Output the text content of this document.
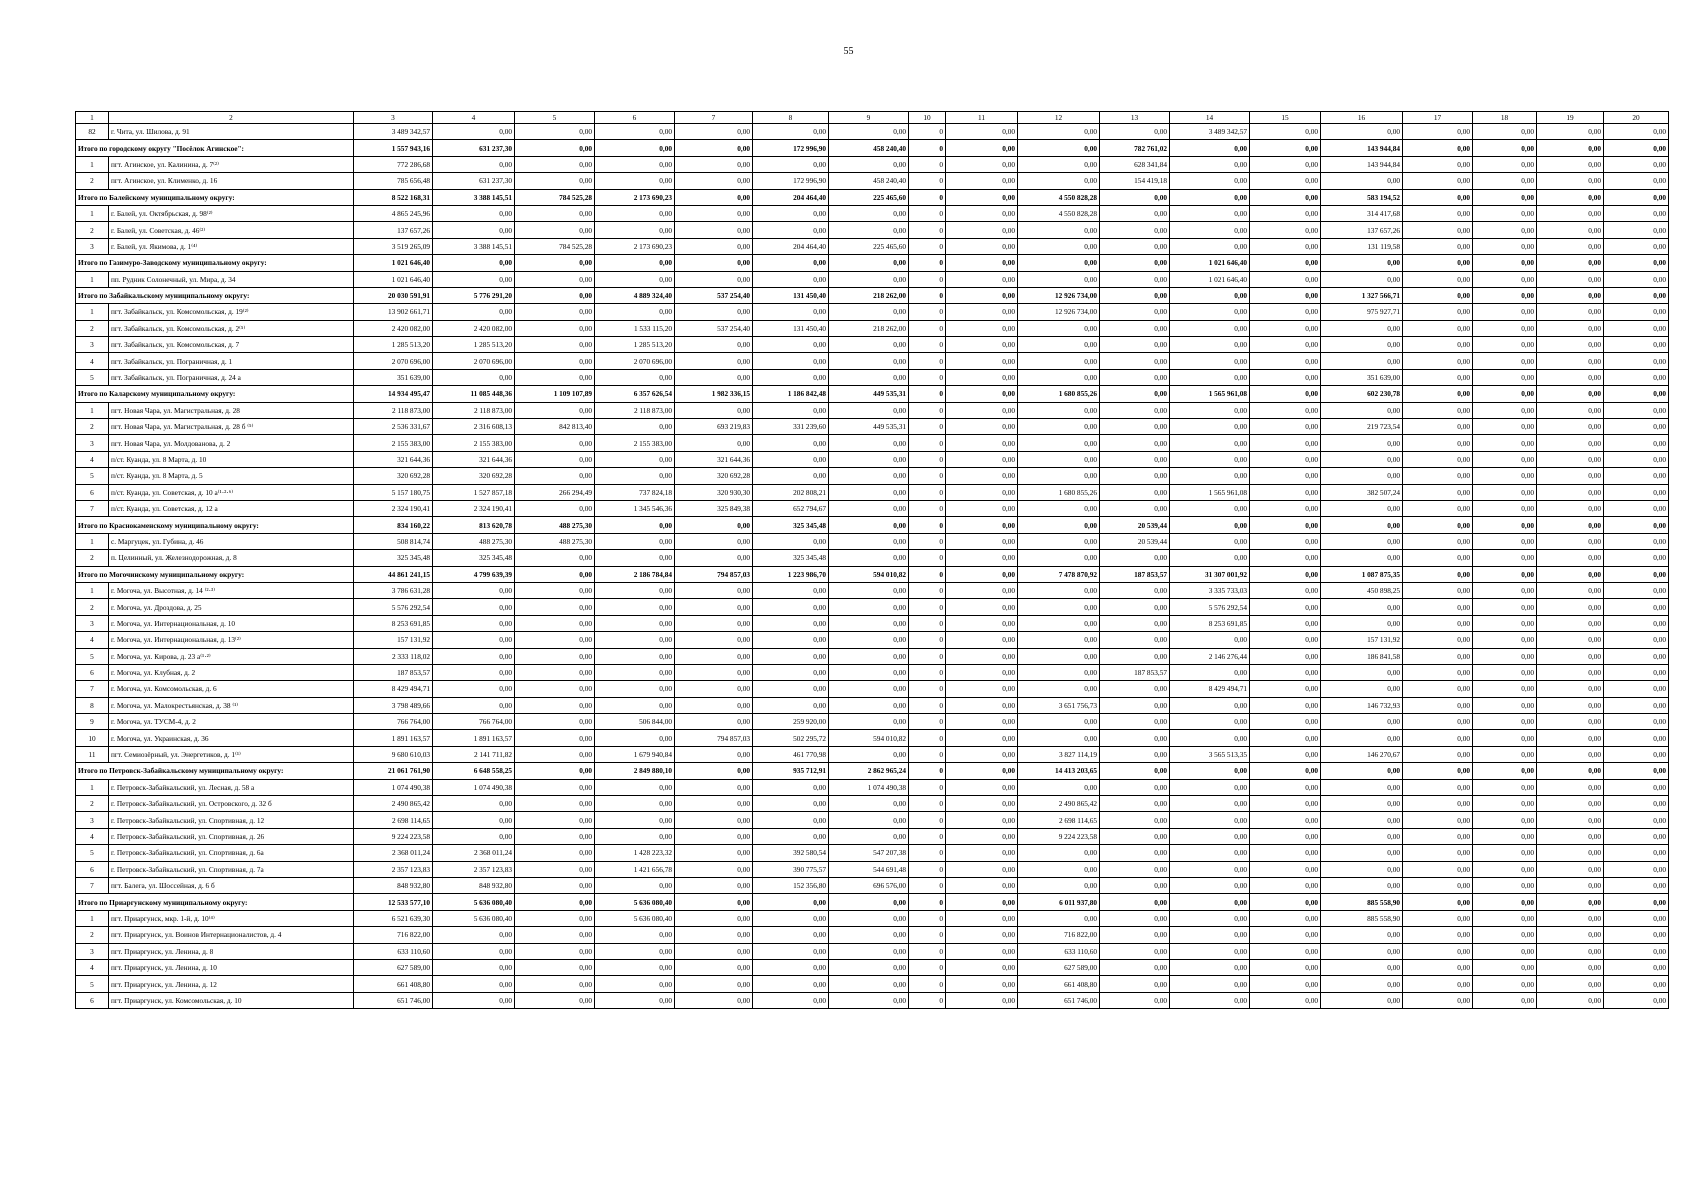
55
1	2	3	4	5	6	7	8	9	10	11	12	13	14	15	16	17	18	19	20
82	г. Чита, ул. Шилова, д. 91	3 489 342,57	0,00	0,00	0,00	0,00	0,00	0,00	0	0,00	0,00	0,00	3 489 342,57	0,00	0,00	0,00	0,00	0,00	0,00
Итого по городскому округу "Посёлок Агинское":		1 557 943,16	631 237,30	0,00	0,00	0,00	172 996,90	458 240,40	0	0,00	0,00	782 761,02	0,00	0,00	143 944,84	0,00	0,00	0,00	0,00
1	пгт. Агинское, ул. Калинина, д. 7⁽²⁾	772 286,68	0,00	0,00	0,00	0,00	0,00	0,00	0	0,00	0,00	628 341,84	0,00	0,00	143 944,84	0,00	0,00	0,00	0,00
2	пгт. Агинское, ул. Клименко, д. 16	785 656,48	631 237,30	0,00	0,00	0,00	172 996,90	458 240,40	0	0,00	0,00	154 419,18	0,00	0,00	0,00	0,00	0,00	0,00	0,00
Итого по Балейскому муниципальному округу:		8 522 168,31	3 388 145,51	784 525,28	2 173 690,23	0,00	204 464,40	225 465,60	0	0,00	4 550 828,28	0,00	0,00	0,00	583 194,52	0,00	0,00	0,00	0,00
1	г. Балей, ул. Октябрьская, д. 98⁽²⁾	4 865 245,96	0,00	0,00	0,00	0,00	0,00	0,00	0	0,00	4 550 828,28	0,00	0,00	0,00	314 417,68	0,00	0,00	0,00	0,00
2	г. Балей, ул. Советская, д. 46⁽²⁾	137 657,26	0,00	0,00	0,00	0,00	0,00	0,00	0	0,00	0,00	0,00	0,00	0,00	137 657,26	0,00	0,00	0,00	0,00
3	г. Балей, ул. Якимова, д. 1⁽⁴⁾	3 519 265,09	3 388 145,51	784 525,28	2 173 690,23	0,00	204 464,40	225 465,60	0	0,00	0,00	0,00	0,00	0,00	131 119,58	0,00	0,00	0,00	0,00
Итого по Газимуро-Заводскому муниципальному округу:		1 021 646,40	0,00	0,00	0,00	0,00	0,00	0,00	0	0,00	0,00	0,00	1 021 646,40	0,00	0,00	0,00	0,00	0,00	0,00
1	пп. Рудник Солонечный, ул. Мира, д. 34	1 021 646,40	0,00	0,00	0,00	0,00	0,00	0,00	0	0,00	0,00	0,00	1 021 646,40	0,00	0,00	0,00	0,00	0,00	0,00
Итого по Забайкальскому муниципальному округу:		20 030 591,91	5 776 291,20	0,00	4 889 324,40	537 254,40	131 450,40	218 262,00	0	0,00	12 926 734,00	0,00	0,00	0,00	1 327 566,71	0,00	0,00	0,00	0,00
1	пгт. Забайкальск, ул. Комсомольская, д. 19⁽²⁾	13 902 661,71	0,00	0,00	0,00	0,00	0,00	0,00	0	0,00	12 926 734,00	0,00	0,00	0,00	975 927,71	0,00	0,00	0,00	0,00
2	пгт. Забайкальск, ул. Комсомольская, д. 2⁽⁵⁾	2 420 082,00	2 420 082,00	0,00	1 533 115,20	537 254,40	131 450,40	218 262,00	0	0,00	0,00	0,00	0,00	0,00	0,00	0,00	0,00	0,00	0,00
3	пгт. Забайкальск, ул. Комсомольская, д. 7	1 285 513,20	1 285 513,20	0,00	1 285 513,20	0,00	0,00	0,00	0	0,00	0,00	0,00	0,00	0,00	0,00	0,00	0,00	0,00	0,00
4	пгт. Забайкальск, ул. Пограничная, д. 1	2 070 696,00	2 070 696,00	0,00	2 070 696,00	0,00	0,00	0,00	0	0,00	0,00	0,00	0,00	0,00	0,00	0,00	0,00	0,00	0,00
5	пгт. Забайкальск, ул. Пограничная, д. 24 а	351 639,00	0,00	0,00	0,00	0,00	0,00	0,00	0	0,00	0,00	0,00	0,00	0,00	351 639,00	0,00	0,00	0,00	0,00
Итого по Каларскому муниципальному округу:		14 934 495,47	11 085 448,36	1 109 107,89	6 357 626,54	1 982 336,15	1 186 842,48	449 535,31	0	0,00	1 680 855,26	0,00	1 565 961,08	0,00	602 230,78	0,00	0,00	0,00	0,00
1	пгт. Новая Чара, ул. Магистральная, д. 28	2 118 873,00	2 118 873,00	0,00	2 118 873,00	0,00	0,00	0,00	0	0,00	0,00	0,00	0,00	0,00	0,00	0,00	0,00	0,00	0,00
2	пгт. Новая Чара, ул. Магистральная, д. 28 б ⁽⁵⁾	2 536 331,67	2 316 608,13	842 813,40	0,00	693 219,83	331 239,60	449 535,31	0	0,00	0,00	0,00	0,00	0,00	219 723,54	0,00	0,00	0,00	0,00
3	пгт. Новая Чара, ул. Молдованова, д. 2	2 155 383,00	2 155 383,00	0,00	2 155 383,00	0,00	0,00	0,00	0	0,00	0,00	0,00	0,00	0,00	0,00	0,00	0,00	0,00	0,00
4	п/ст. Куанда, ул. 8 Марта, д. 10	321 644,36	321 644,36	0,00	0,00	321 644,36	0,00	0,00	0	0,00	0,00	0,00	0,00	0,00	0,00	0,00	0,00	0,00	0,00
5	п/ст. Куанда, ул. 8 Марта, д. 5	320 692,28	320 692,28	0,00	0,00	320 692,28	0,00	0,00	0	0,00	0,00	0,00	0,00	0,00	0,00	0,00	0,00	0,00	0,00
6	п/ст. Куанда, ул. Советская, д. 10 а⁽¹·²·⁶⁾	5 157 180,75	1 527 857,18	266 294,49	737 824,18	320 930,30	202 808,21	0,00	0	0,00	1 680 855,26	0,00	1 565 961,08	0,00	382 507,24	0,00	0,00	0,00	0,00
7	п/ст. Куанда, ул. Советская, д. 12 а	2 324 190,41	2 324 190,41	0,00	1 345 546,36	325 849,38	652 794,67	0,00	0	0,00	0,00	0,00	0,00	0,00	0,00	0,00	0,00	0,00	0,00
Итого по Краснокаменскому муниципальному округу:		834 160,22	813 620,78	488 275,30	0,00	0,00	325 345,48	0,00	0	0,00	0,00	20 539,44	0,00	0,00	0,00	0,00	0,00	0,00	0,00
1	с. Маргуцек, ул. Губина, д. 46	508 814,74	488 275,30	488 275,30	0,00	0,00	0,00	0,00	0	0,00	0,00	20 539,44	0,00	0,00	0,00	0,00	0,00	0,00	0,00
2	п. Целинный, ул. Железнодорожная, д. 8	325 345,48	325 345,48	0,00	0,00	0,00	325 345,48	0,00	0	0,00	0,00	0,00	0,00	0,00	0,00	0,00	0,00	0,00	0,00
Итого по Могочинскому муниципальному округу:		44 861 241,15	4 799 639,39	0,00	2 186 784,84	794 857,03	1 223 986,70	594 010,82	0	0,00	7 478 870,92	187 853,57	31 307 001,92	0,00	1 087 875,35	0,00	0,00	0,00	0,00
1	г. Могоча, ул. Высотная, д. 14 ⁽²·³⁾	3 786 631,28	0,00	0,00	0,00	0,00	0,00	0,00	0	0,00	0,00	0,00	3 335 733,03	0,00	450 898,25	0,00	0,00	0,00	0,00
2	г. Могоча, ул. Дроздова, д. 25	5 576 292,54	0,00	0,00	0,00	0,00	0,00	0,00	0	0,00	0,00	0,00	5 576 292,54	0,00	0,00	0,00	0,00	0,00	0,00
3	г. Могоча, ул. Интернациональная, д. 10	8 253 691,85	0,00	0,00	0,00	0,00	0,00	0,00	0	0,00	0,00	0,00	8 253 691,85	0,00	0,00	0,00	0,00	0,00	0,00
4	г. Могоча, ул. Интернациональная, д. 13⁽²⁾	157 131,92	0,00	0,00	0,00	0,00	0,00	0,00	0	0,00	0,00	0,00	0,00	0,00	157 131,92	0,00	0,00	0,00	0,00
5	г. Могоча, ул. Кирова, д. 23 а⁽¹·²⁾	2 333 118,02	0,00	0,00	0,00	0,00	0,00	0,00	0	0,00	0,00	0,00	2 146 276,44	0,00	186 841,58	0,00	0,00	0,00	0,00
6	г. Могоча, ул. Клубная, д. 2	187 853,57	0,00	0,00	0,00	0,00	0,00	0,00	0	0,00	0,00	187 853,57	0,00	0,00	0,00	0,00	0,00	0,00	0,00
7	г. Могоча, ул. Комсомольская, д. 6	8 429 494,71	0,00	0,00	0,00	0,00	0,00	0,00	0	0,00	0,00	0,00	8 429 494,71	0,00	0,00	0,00	0,00	0,00	0,00
8	г. Могоча, ул. Малокрестьянская, д. 38 ⁽¹⁾	3 798 489,66	0,00	0,00	0,00	0,00	0,00	0,00	0	0,00	3 651 756,73	0,00	0,00	0,00	146 732,93	0,00	0,00	0,00	0,00
9	г. Могоча, ул. ТУСМ-4, д. 2	766 764,00	766 764,00	0,00	506 844,00	0,00	259 920,00	0,00	0	0,00	0,00	0,00	0,00	0,00	0,00	0,00	0,00	0,00	0,00
10	г. Могоча, ул. Украинская, д. 36	1 891 163,57	1 891 163,57	0,00	0,00	794 857,03	502 295,72	594 010,82	0	0,00	0,00	0,00	0,00	0,00	0,00	0,00	0,00	0,00	0,00
11	пгт. Семиозёрный, ул. Энергетиков, д. 1⁽¹⁾	9 680 610,03	2 141 711,82	0,00	1 679 940,84	0,00	461 770,98	0,00	0	0,00	3 827 114,19	0,00	3 565 513,35	0,00	146 270,67	0,00	0,00	0,00	0,00
Итого по Петровск-Забайкальскому муниципальному округу:		21 061 761,90	6 648 558,25	0,00	2 849 880,10	0,00	935 712,91	2 862 965,24	0	0,00	14 413 203,65	0,00	0,00	0,00	0,00	0,00	0,00	0,00	0,00
1	г. Петровск-Забайкальский, ул. Лесная, д. 58 а	1 074 490,38	1 074 490,38	0,00	0,00	0,00	0,00	1 074 490,38	0	0,00	0,00	0,00	0,00	0,00	0,00	0,00	0,00	0,00	0,00
2	г. Петровск-Забайкальский, ул. Островского, д. 32 б	2 490 865,42	0,00	0,00	0,00	0,00	0,00	0,00	0	0,00	2 490 865,42	0,00	0,00	0,00	0,00	0,00	0,00	0,00	0,00
3	г. Петровск-Забайкальский, ул. Спортивная, д. 12	2 698 114,65	0,00	0,00	0,00	0,00	0,00	0,00	0	0,00	2 698 114,65	0,00	0,00	0,00	0,00	0,00	0,00	0,00	0,00
4	г. Петровск-Забайкальский, ул. Спортивная, д. 26	9 224 223,58	0,00	0,00	0,00	0,00	0,00	0,00	0	0,00	9 224 223,58	0,00	0,00	0,00	0,00	0,00	0,00	0,00	0,00
5	г. Петровск-Забайкальский, ул. Спортивная, д. 6а	2 368 011,24	2 368 011,24	0,00	1 428 223,32	0,00	392 580,54	547 207,38	0	0,00	0,00	0,00	0,00	0,00	0,00	0,00	0,00	0,00	0,00
6	г. Петровск-Забайкальский, ул. Спортивная, д. 7а	2 357 123,83	2 357 123,83	0,00	1 421 656,78	0,00	390 775,57	544 691,48	0	0,00	0,00	0,00	0,00	0,00	0,00	0,00	0,00	0,00	0,00
7	пгт. Балега, ул. Шоссейная, д. 6 б	848 932,80	848 932,80	0,00	0,00	0,00	152 356,80	696 576,00	0	0,00	0,00	0,00	0,00	0,00	0,00	0,00	0,00	0,00	0,00
Итого по Приаргунскому муниципальному округу:		12 533 577,10	5 636 080,40	0,00	5 636 080,40	0,00	0,00	0,00	0	0,00	6 011 937,80	0,00	0,00	0,00	885 558,90	0,00	0,00	0,00	0,00
1	пгт. Приаргунск, мкр. 1-й, д. 10⁽⁴⁾	6 521 639,30	5 636 080,40	0,00	5 636 080,40	0,00	0,00	0,00	0	0,00	0,00	0,00	0,00	0,00	885 558,90	0,00	0,00	0,00	0,00
2	пгт. Приаргунск, ул. Воинов Интернационалистов, д. 4	716 822,00	0,00	0,00	0,00	0,00	0,00	0,00	0	0,00	716 822,00	0,00	0,00	0,00	0,00	0,00	0,00	0,00	0,00
3	пгт. Приаргунск, ул. Ленина, д. 8	633 110,60	0,00	0,00	0,00	0,00	0,00	0,00	0	0,00	633 110,60	0,00	0,00	0,00	0,00	0,00	0,00	0,00	0,00
4	пгт. Приаргунск, ул. Ленина, д. 10	627 589,00	0,00	0,00	0,00	0,00	0,00	0,00	0	0,00	627 589,00	0,00	0,00	0,00	0,00	0,00	0,00	0,00	0,00
5	пгт. Приаргунск, ул. Ленина, д. 12	661 408,80	0,00	0,00	0,00	0,00	0,00	0,00	0	0,00	661 408,80	0,00	0,00	0,00	0,00	0,00	0,00	0,00	0,00
6	пгт. Приаргунск, ул. Комсомольская, д. 10	651 746,00	0,00	0,00	0,00	0,00	0,00	0,00	0	0,00	651 746,00	0,00	0,00	0,00	0,00	0,00	0,00	0,00	0,00
